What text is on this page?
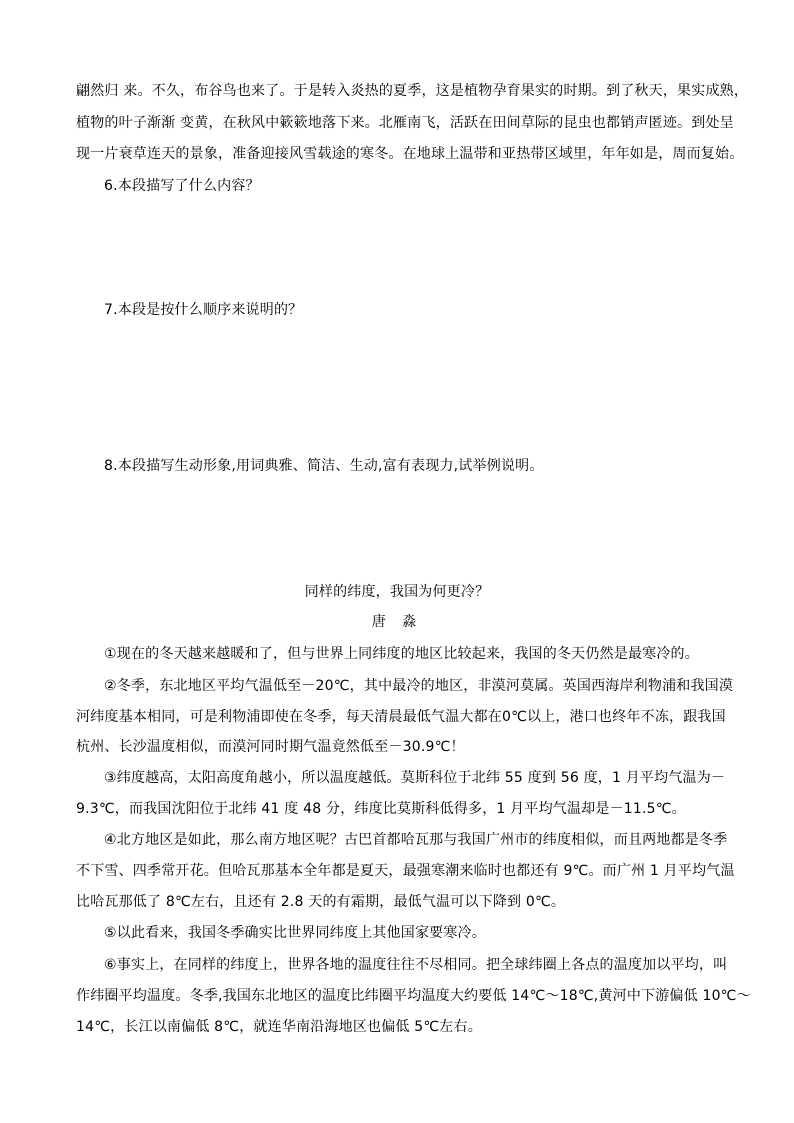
翩然归 来。不久，布谷鸟也来了。于是转入炎热的夏季，这是植物孕育果实的时期。到了秋天，果实成熟，
植物的叶子渐渐 变黄，在秋风中簌簌地落下来。北雁南飞，活跃在田间草际的昆虫也都销声匿迹。到处呈
现一片衰草连天的景象，准备迎接风雪载途的寒冬。在地球上温带和亚热带区域里，年年如是，周而复始。
6.本段描写了什么内容？
7.本段是按什么顺序来说明的？
8.本段描写生动形象,用词典雅、简洁、生动,富有表现力,试举例说明。
同样的纬度，我国为何更冷？
唐 淼
①现在的冬天越来越暖和了，但与世界上同纬度的地区比较起来，我国的冬天仍然是最寒冷的。
②冬季，东北地区平均气温低至－20℃，其中最冷的地区，非漠河莫属。英国西海岸利物浦和我国漠
河纬度基本相同，可是利物浦即使在冬季，每天清晨最低气温大都在0℃以上，港口也终年不冻，跟我国
杭州、长沙温度相似，而漠河同时期气温竟然低至－30.9℃！
③纬度越高，太阳高度角越小，所以温度越低。莫斯科位于北纬 55 度到 56 度，1 月平均气温为－
9.3℃，而我国沈阳位于北纬 41 度 48 分，纬度比莫斯科低得多，1 月平均气温却是－11.5℃。
④北方地区是如此，那么南方地区呢？古巴首都哈瓦那与我国广州市的纬度相似，而且两地都是冬季
不下雪、四季常开花。但哈瓦那基本全年都是夏天，最强寒潮来临时也都还有 9℃。而广州 1 月平均气温
比哈瓦那低了 8℃左右，且还有 2.8 天的有霜期，最低气温可以下降到 0℃。
⑤以此看来，我国冬季确实比世界同纬度上其他国家要寒冷。
⑥事实上，在同样的纬度上，世界各地的温度往往不尽相同。把全球纬圈上各点的温度加以平均，叫
作纬圈平均温度。冬季,我国东北地区的温度比纬圈平均温度大约要低 14℃～18℃,黄河中下游偏低 10℃～
14℃，长江以南偏低 8℃，就连华南沿海地区也偏低 5℃左右。
